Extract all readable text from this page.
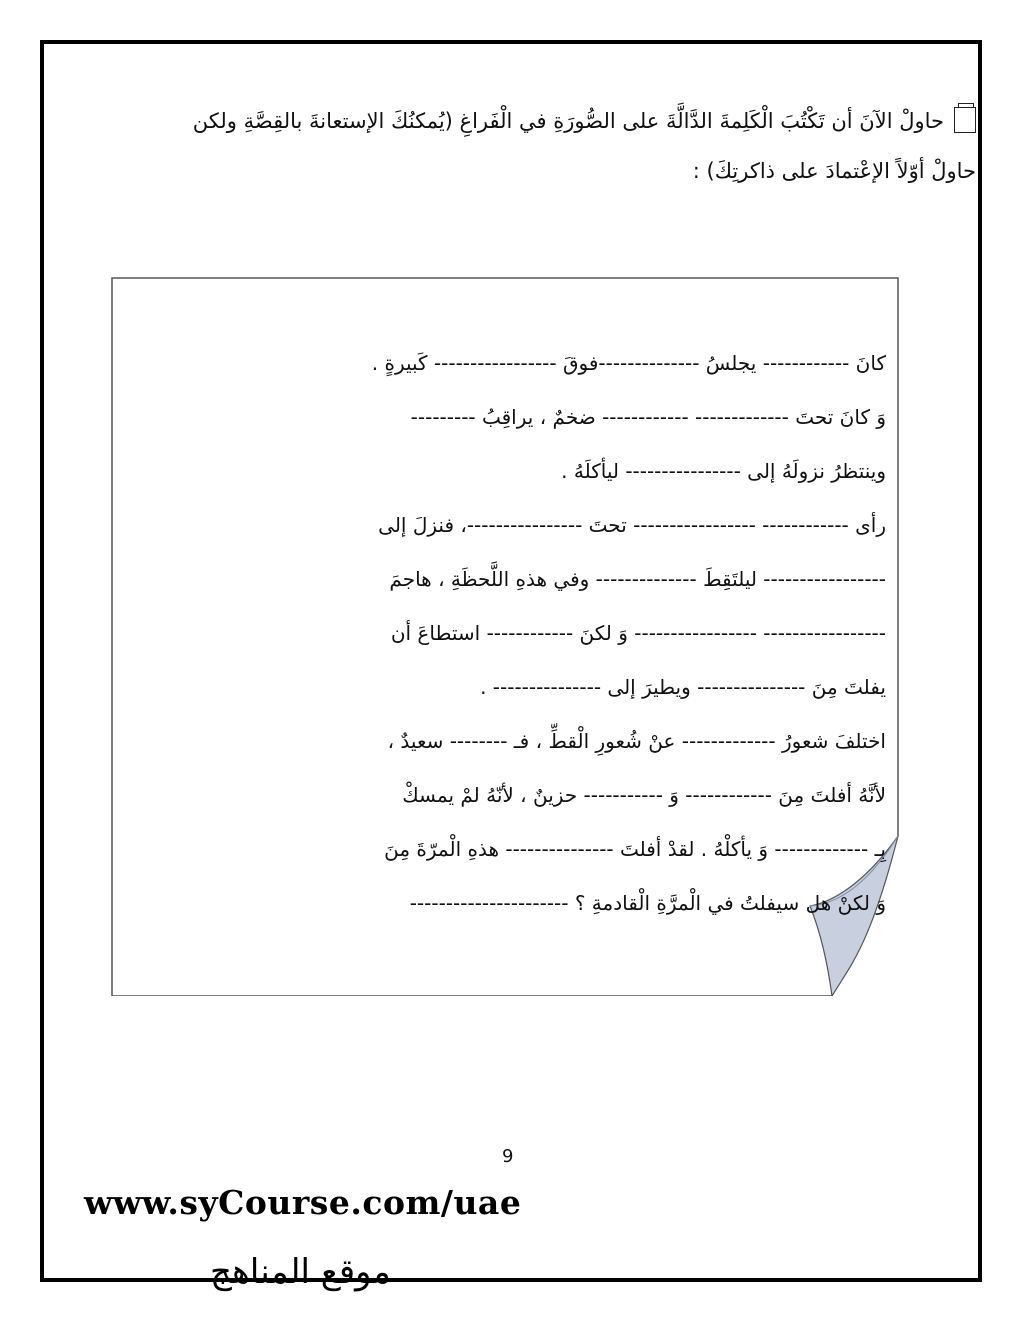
حاولْ الآنَ أن تَكْتُبَ الْكَلِمةَ الدَّالَّةَ على الصُّورَةِ في الْفَراغِ (يُمكنُكَ الإستعانةَ بالقِصَّةِ ولكن
حاولْ أوّلاً الإعْتمادَ على ذاكرتِكَ) :
كانَ ------------ يجلسُ --------------فوقَ ----------------- كَبيرةٍ .
وَ كانَ تحتَ ------------- ------------ ضخمٌ ، يراقِبُ ---------
وينتظرُ نزولَهُ إلى ---------------- ليأكلَهُ .
رأى ------------ ----------------- تحتَ ----------------، فنزلَ إلى
----------------- ليلتَقِطَ -------------- وفي هذهِ اللَّحظَةِ ، هاجمَ
----------------- ----------------- وَ لكنَ ------------ استطاعَ أن
يفلتَ مِنَ --------------- ويطيرَ إلى --------------- .
اختلفَ شعورُ ------------- عنْ شُعورِ الْقطِّ ، فـ -------- سعيدٌ ،
لأنَّهُ أفلتَ مِنَ ------------ وَ ----------- حزينٌ ، لأنّهُ لمْ يمسكْ
بِـ ------------- وَ يأكلْهُ . لقدْ أفلتَ --------------- هذهِ الْمرّةَ مِنَ
وَ لكنْ هل سيفلتُ في الْمرَّةِ الْقادمةِ ؟ ----------------------
9
www.syCourse.com/uae
موقع المناهج
